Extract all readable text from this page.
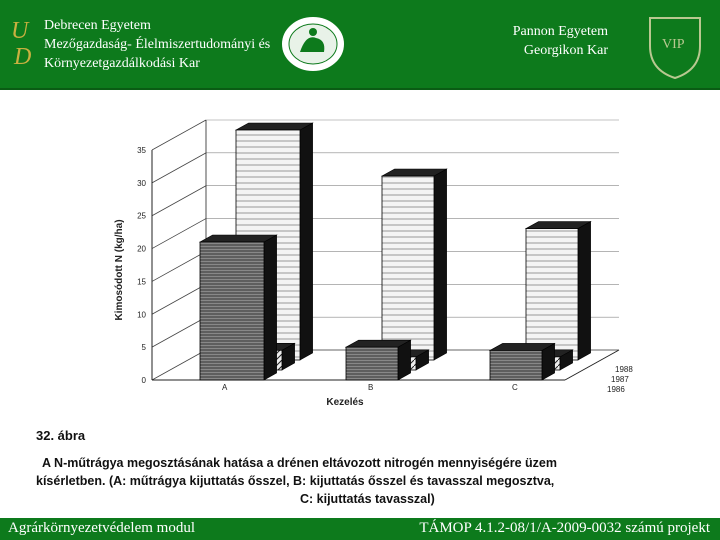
U
D
Debrecen Egyetem
Mezőgazdaság- Élelmiszertudományi és
Környezetgazdálkodási Kar
Pannon Egyetem
Georgikon Kar	VIP
0
5
10
15
20
25
30
35
A	B	C	1986
1987
1988
Kezelés
Kimosódott N (kg/ha)
32. ábra
A N-műtrágya megosztásának hatása a drénen eltávozott nitrogén mennyiségére üzem
kísérletben. (A: műtrágya kijuttatás ősszel, B: kijuttatás ősszel és tavasszal megosztva,
C: kijuttatás tavasszal)
Agrárkörnyezetvédelem modul	TÁMOP 4.1.2-08/1/A-2009-0032 számú projekt
